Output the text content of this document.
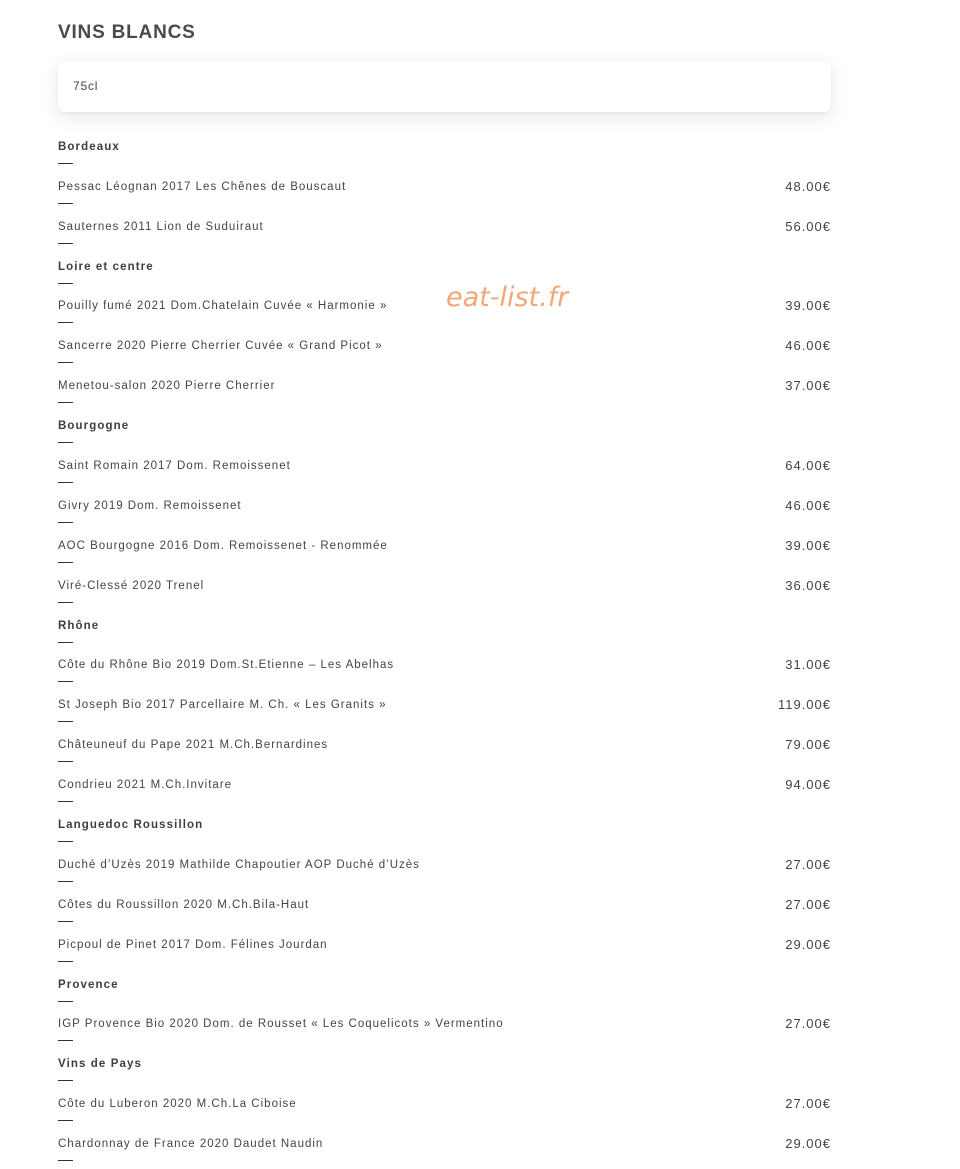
VINS BLANCS
75cl
Bordeaux
Pessac Léognan 2017 Les Chênes de Bouscaut	48.00€
Sauternes 2011 Lion de Suduiraut	56.00€
Loire et centre
Pouilly fumé 2021 Dom.Chatelain Cuvée « Harmonie »	39.00€
Sancerre 2020 Pierre Cherrier Cuvée « Grand Picot »	46.00€
Menetou-salon 2020 Pierre Cherrier	37.00€
Bourgogne
Saint Romain 2017 Dom. Remoissenet	64.00€
Givry 2019 Dom. Remoissenet	46.00€
AOC Bourgogne 2016 Dom. Remoissenet - Renommée	39.00€
Viré-Clessé 2020 Trenel	36.00€
Rhône
Côte du Rhône Bio 2019 Dom.St.Etienne – Les Abelhas	31.00€
St Joseph Bio 2017 Parcellaire M. Ch. « Les Granits »	119.00€
Châteuneuf du Pape 2021 M.Ch.Bernardines	79.00€
Condrieu 2021 M.Ch.Invitare	94.00€
Languedoc Roussillon
Duché d’Uzès 2019 Mathilde Chapoutier AOP Duché d’Uzès	27.00€
Côtes du Roussillon 2020 M.Ch.Bila-Haut	27.00€
Picpoul de Pinet 2017 Dom. Félines Jourdan	29.00€
Provence
IGP Provence Bio 2020 Dom. de Rousset « Les Coquelicots » Vermentino	27.00€
Vins de Pays
Côte du Luberon 2020 M.Ch.La Ciboise	27.00€
Chardonnay de France 2020 Daudet Naudin	29.00€
eat-list.fr
